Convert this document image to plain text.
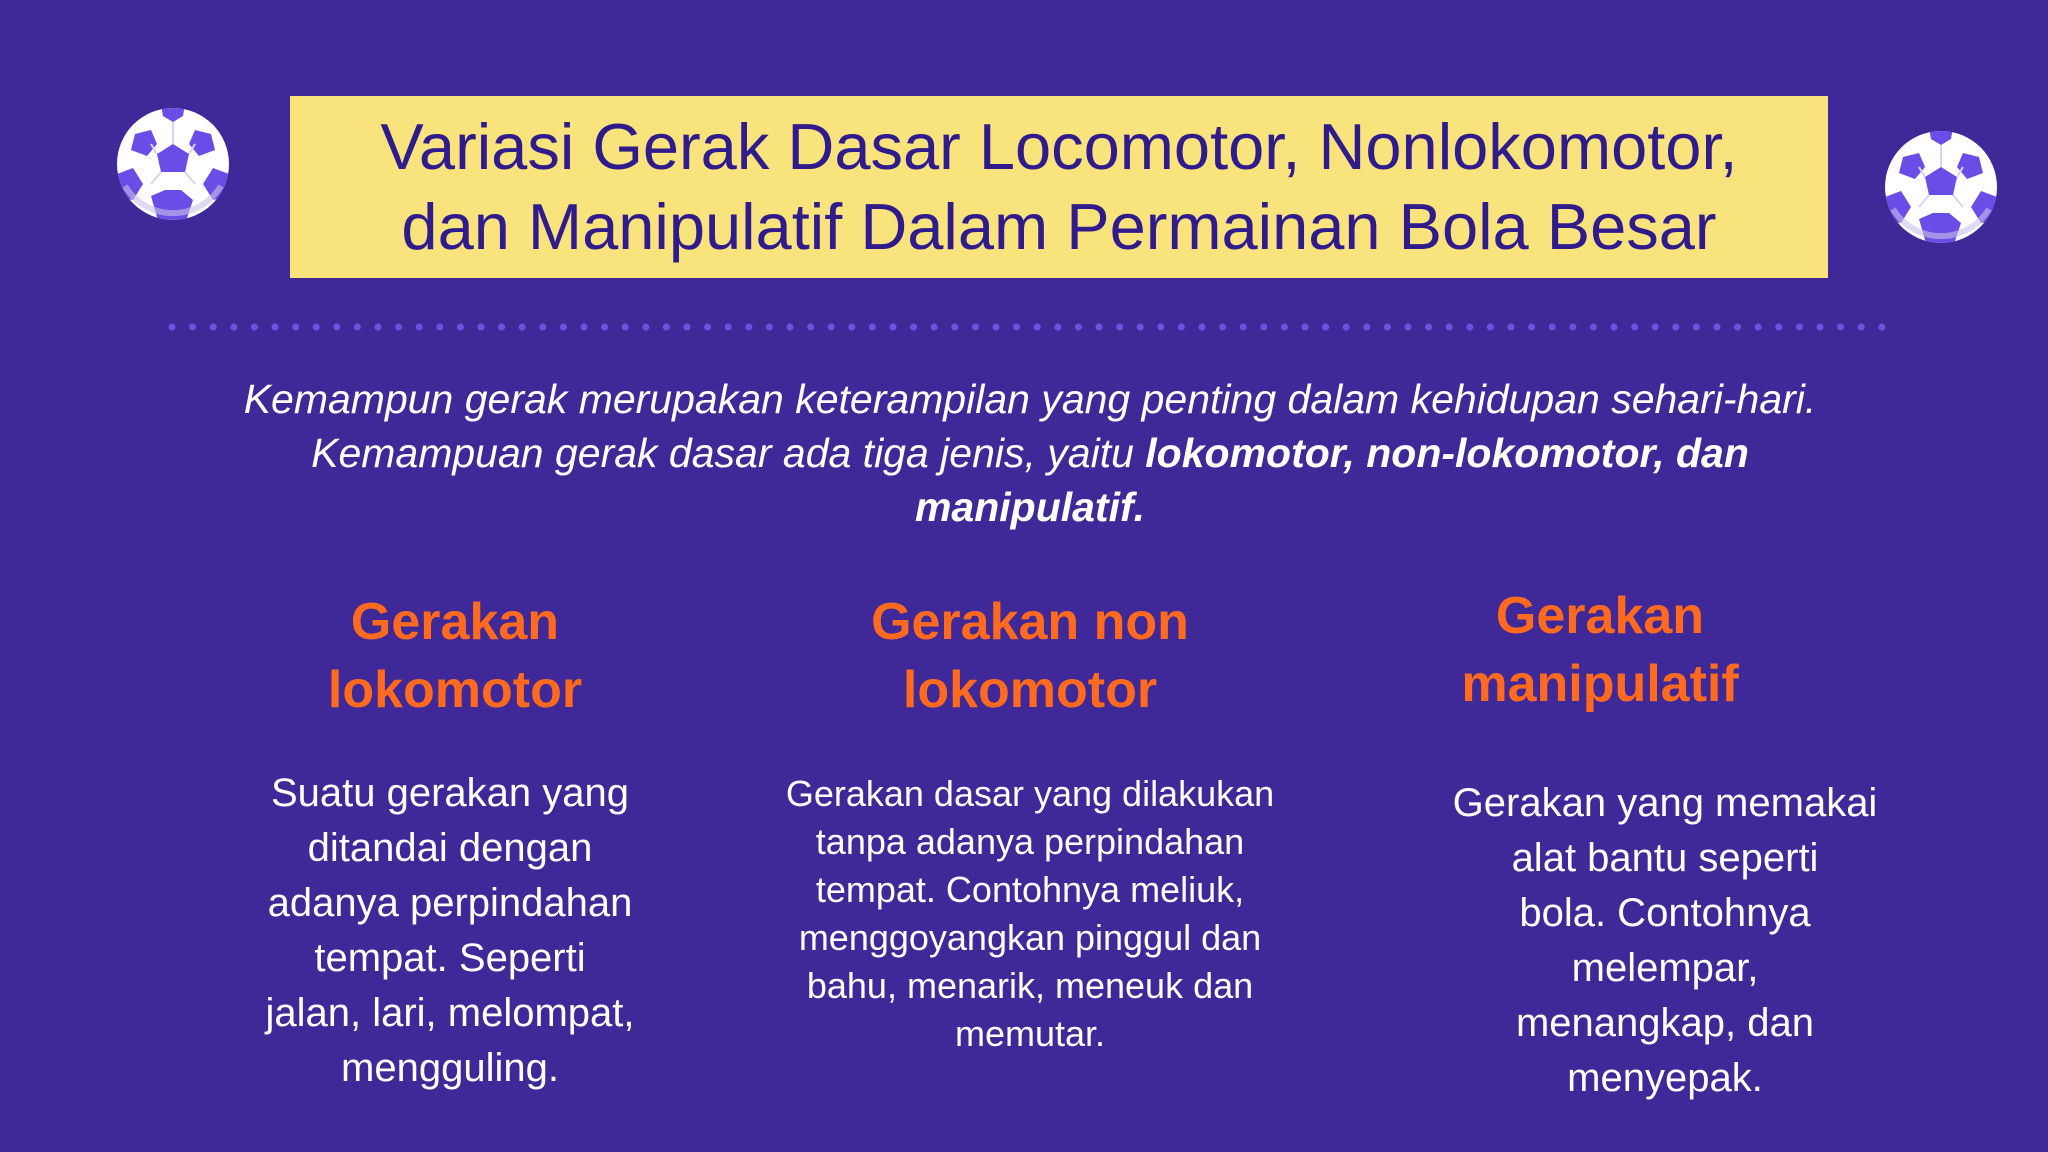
Variasi Gerak Dasar Locomotor, Nonlokomotor,
dan Manipulatif Dalam Permainan Bola Besar

Kemampun gerak merupakan keterampilan yang penting dalam kehidupan sehari-hari.
Kemampuan gerak dasar ada tiga jenis, yaitu lokomotor, non-lokomotor, dan
manipulatif.

Gerakan
lokomotor

Suatu gerakan yang
ditandai dengan
adanya perpindahan
tempat. Seperti
jalan, lari, melompat,
mengguling.

Gerakan non
lokomotor

Gerakan dasar yang dilakukan
tanpa adanya perpindahan
tempat. Contohnya meliuk,
menggoyangkan pinggul dan
bahu, menarik, meneuk dan
memutar.

Gerakan
manipulatif

Gerakan yang memakai
alat bantu seperti
bola. Contohnya
melempar,
menangkap, dan
menyepak.
